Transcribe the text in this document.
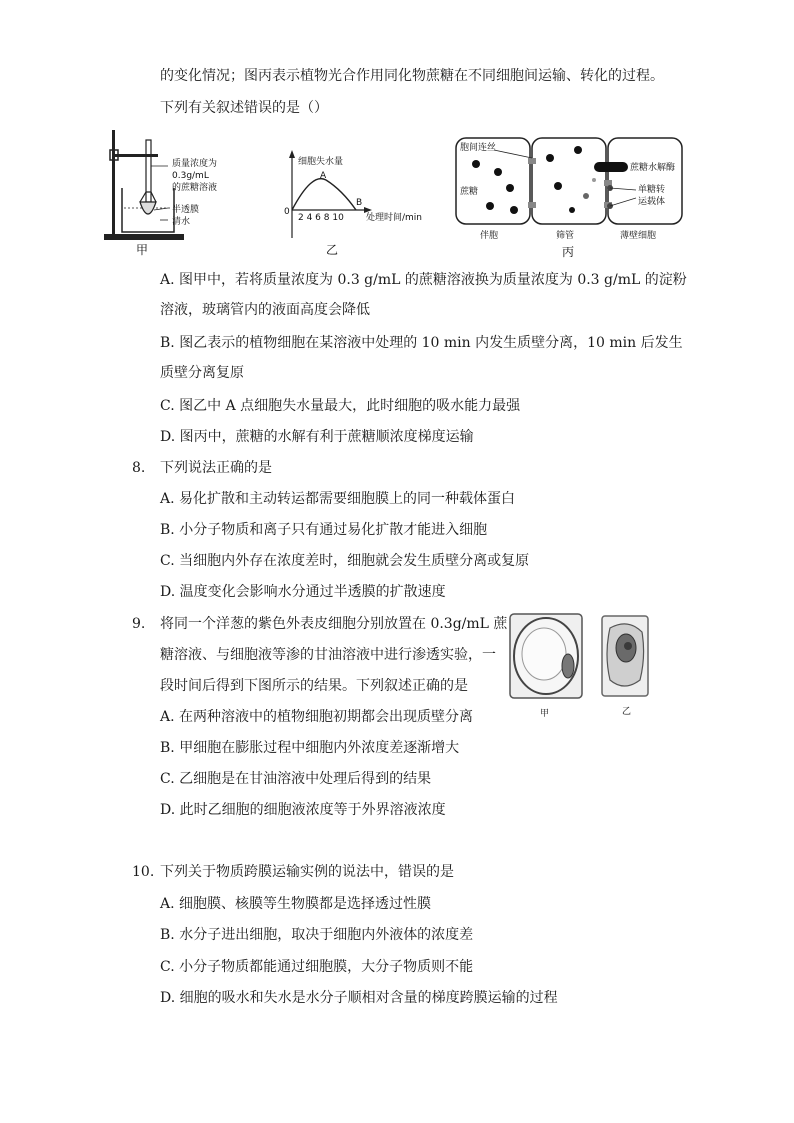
的变化情况；图丙表示植物光合作用同化物蔗糖在不同细胞间运输、转化的过程。
下列有关叙述错误的是（）
质量浓度为
0.3g/mL
的蔗糖溶液
半透膜
清水
甲
细胞失水量
A
B
0
2 4 6 8 10 处理时间/min
乙
胞间连丝
蔗糖
蔗糖水解酶
单糖转
运载体
伴胞	筛管	薄壁细胞
丙
A. 图甲中，若将质量浓度为 0.3 g/mL 的蔗糖溶液换为质量浓度为 0.3 g/mL 的淀粉
溶液，玻璃管内的液面高度会降低
B. 图乙表示的植物细胞在某溶液中处理的 10 min 内发生质壁分离，10 min 后发生
质壁分离复原
C. 图乙中 A 点细胞失水量最大，此时细胞的吸水能力最强
D. 图丙中，蔗糖的水解有利于蔗糖顺浓度梯度运输
8. 下列说法正确的是
A. 易化扩散和主动转运都需要细胞膜上的同一种载体蛋白
B. 小分子物质和离子只有通过易化扩散才能进入细胞
C. 当细胞内外存在浓度差时，细胞就会发生质壁分离或复原
D. 温度变化会影响水分通过半透膜的扩散速度
9. 将同一个洋葱的紫色外表皮细胞分别放置在 0.3g/mL 蔗
糖溶液、与细胞液等渗的甘油溶液中进行渗透实验，一
段时间后得到下图所示的结果。下列叙述正确的是
A. 在两种溶液中的植物细胞初期都会出现质壁分离
B. 甲细胞在膨胀过程中细胞内外浓度差逐渐增大
C. 乙细胞是在甘油溶液中处理后得到的结果
D. 此时乙细胞的细胞液浓度等于外界溶液浓度
甲	乙
10. 下列关于物质跨膜运输实例的说法中，错误的是
A. 细胞膜、核膜等生物膜都是选择透过性膜
B. 水分子进出细胞，取决于细胞内外液体的浓度差
C. 小分子物质都能通过细胞膜，大分子物质则不能
D. 细胞的吸水和失水是水分子顺相对含量的梯度跨膜运输的过程
